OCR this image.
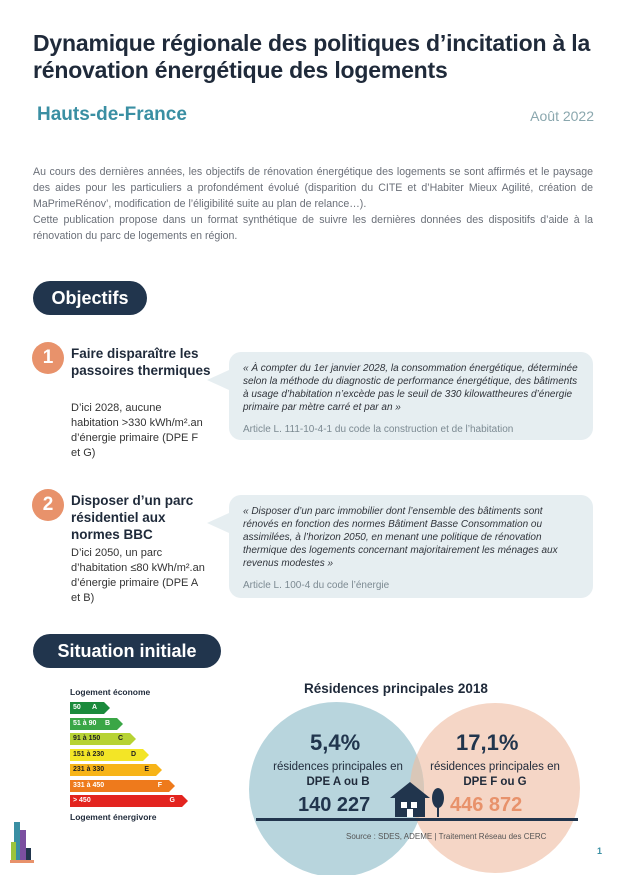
Dynamique régionale des politiques d’incitation à la rénovation énergétique des logements
Hauts-de-France	Août 2022

Au cours des dernières années, les objectifs de rénovation énergétique des logements se sont affirmés et le paysage des aides pour les particuliers a profondément évolué (disparition du CITE et d’Habiter Mieux Agilité, création de MaPrimeRénov’, modification de l’éligibilité suite au plan de relance…).

Cette publication propose dans un format synthétique de suivre les dernières données des dispositifs d’aide à la rénovation du parc de logements en région.

Objectifs
1	Faire disparaître les passoires thermiques
D’ici 2028, aucune habitation >330 kWh/m².an d’énergie primaire (DPE F et G)
« À compter du 1er janvier 2028, la consommation énergétique, déterminée selon la méthode du diagnostic de performance énergétique, des bâtiments à usage d’habitation n’excède pas le seuil de 330 kilowattheures d’énergie primaire par mètre carré et par an »
Article L. 111-10-4-1 du code la construction et de l’habitation
2	Disposer d’un parc résidentiel aux normes BBC
D’ici 2050, un parc d’habitation ≤80 kWh/m².an d’énergie primaire (DPE A et B)
« Disposer d’un parc immobilier dont l’ensemble des bâtiments sont rénovés en fonction des normes Bâtiment Basse Consommation ou assimilées, à l’horizon 2050, en menant une politique de rénovation thermique des logements concernant majoritairement les ménages aux revenus modestes »
Article L. 100-4 du code l’énergie
Situation initiale
Logement économe
50 A
51 à 90 B
91 à 150	C
151 à 230	D
231 à 330	E
331 à 450	F
> 450	G
Logement énergivore
Résidences principales 2018
5,4%
résidences principales en
DPE A ou B
140 227
17,1%
résidences principales en
DPE F ou G
446 872
Source : SDES, ADEME | Traitement Réseau des CERC
1
